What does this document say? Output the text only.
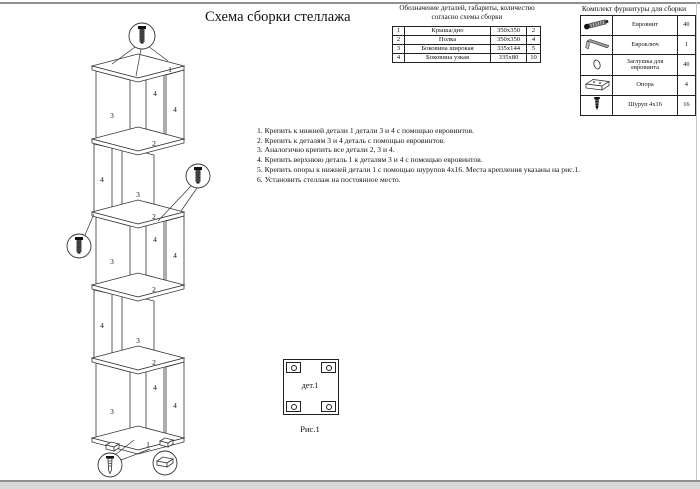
Схема сборки стеллажа
Обозначение деталей, габариты, количество
согласно схемы сборки
1	Крыша/дно	350x350	2
2	Полка	350x350	4
3	Боковина широкая	335x144	5
4	Боковина узкая	335x80	10
Комплект фурнитуры для сборки
	Евровинт	40
	Евроключ	1
	Заглушка для евровинта	40
	Опора	4
	Шуруп 4x16	16
1. Крепить к нижней детали 1 детали 3 и 4 с помощью евровинтов.
2. Крепить к деталям 3 и 4 деталь с помощью евровинтов.
3. Аналогично крепить все детали 2, 3 и 4.
4. Крепить верхнюю деталь 1 к деталям 3 и 4 с помощью евровинтов.
5. Крепить опоры к нижней детали 1 с помощью шурупов 4x16. Места крепления указаны на рис.1.
6. Установить стеллаж на постоянное место.
1
3
4
4
2
4
3
2
3
4
4
2
4
3
2
3
4
4
1
дет.1
Рис.1
